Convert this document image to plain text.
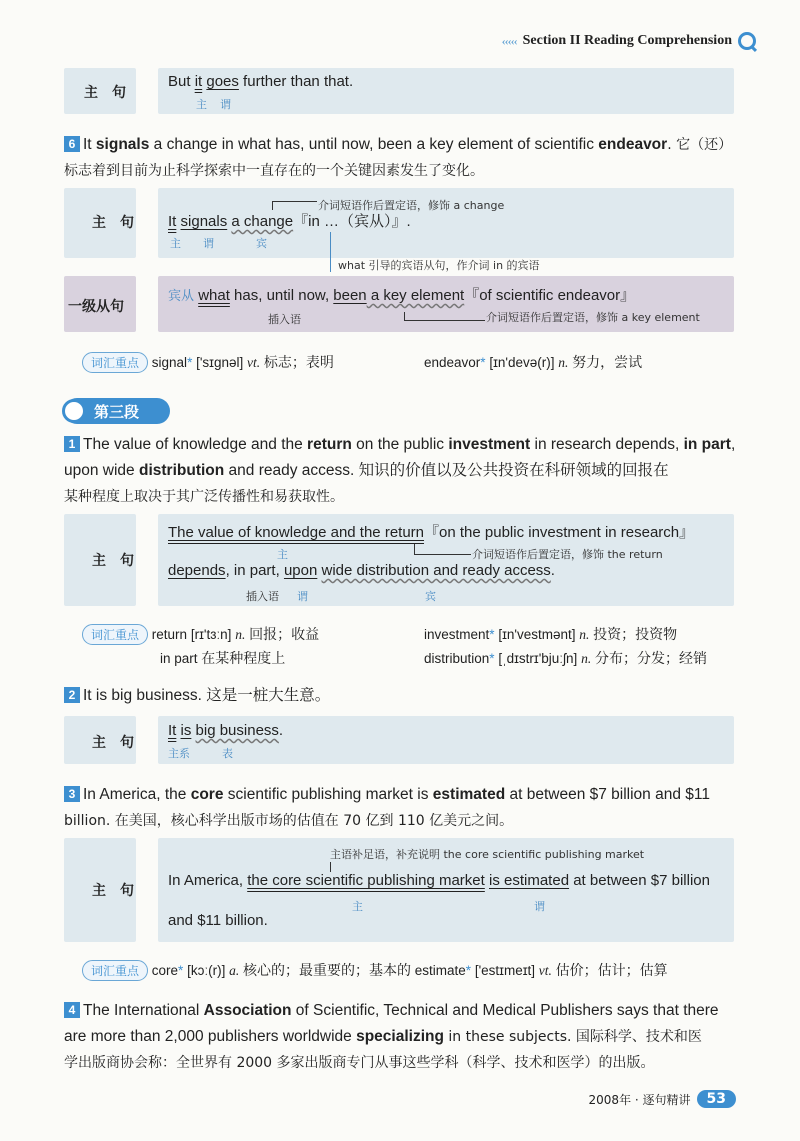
‹‹‹‹‹ Section II Reading Comprehension
主　句
But it goes further than that.
主 谓
6 It signals a change in what has, until now, been a key element of scientific endeavor. 它（还）
标志着到目前为止科学探索中一直存在的一个关键因素发生了变化。
主　句
介词短语作后置定语，修饰 a change
It signals a change『in …（宾从）』.
主 谓	宾
what 引导的宾语从句，作介词 in 的宾语
一级从句
宾从 what has, until now, been a key element『of scientific endeavor』
插入语	介词短语作后置定语，修饰 a key element
词汇重点 signal* ['sɪɡnəl] vt. 标志；表明	endeavor* [ɪn'devə(r)] n. 努力，尝试
第三段
1 The value of knowledge and the return on the public investment in research depends, in part, upon wide distribution and ready access. 知识的价值以及公共投资在科研领域的回报在
某种程度上取决于其广泛传播性和易获取性。
主　句
The value of knowledge and the return『on the public investment in research』
主	介词短语作后置定语，修饰 the return
depends, in part, upon wide distribution and ready access.
插入语 谓	宾
词汇重点 return [rɪ'tɜːn] n. 回报；收益	investment* [ɪn'vestmənt] n. 投资；投资物
in part 在某种程度上	distribution* [ˌdɪstrɪ'bjuːʃn] n. 分布；分发；经销
2 It is big business. 这是一桩大生意。
主　句
It is big business.
主系	表
3 In America, the core scientific publishing market is estimated at between $7 billion and $11
billion. 在美国，核心科学出版市场的估值在 70 亿到 110 亿美元之间。
主　句
主语补足语，补充说明 the core scientific publishing market
In America, the core scientific publishing market is estimated at between $7 billion
主	谓
and $11 billion.
词汇重点 core* [kɔː(r)] a. 核心的；最重要的；基本的 estimate* ['estɪmeɪt] vt. 估价；估计；估算
4 The International Association of Scientific, Technical and Medical Publishers says that there
are more than 2,000 publishers worldwide specializing in these subjects. 国际科学、技术和医
学出版商协会称：全世界有 2000 多家出版商专门从事这些学科（科学、技术和医学）的出版。
2008年 · 逐句精讲	53
